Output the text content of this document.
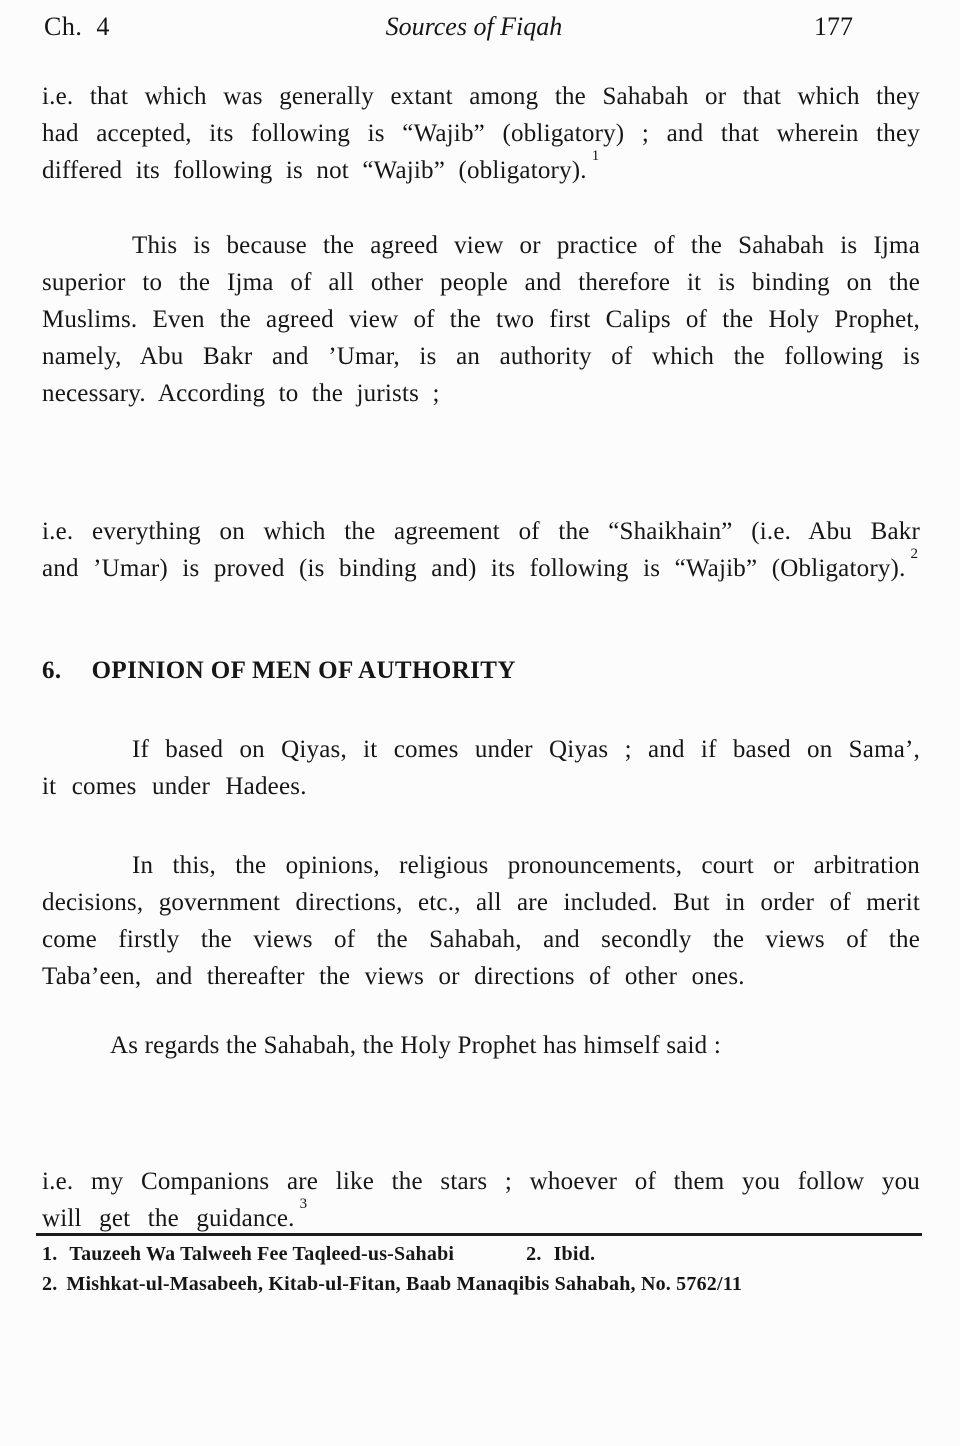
Ch.  4	Sources of Fiqah	177

i.e. that which was generally extant among the Sahabah or that which they had accepted, its following is “Wajib” (obligatory) ; and that wherein they differed its following is not “Wajib” (obligatory).$^1$

This is because the agreed view or practice of the Sahabah is Ijma superior to the Ijma of all other people and therefore it is binding on the Muslims. Even the agreed view of the two first Calips of the Holy Prophet, namely, Abu Bakr and ’Umar, is an authority of which the following is necessary. According to the jurists ;

i.e. everything on which the agreement of the “Shaikhain” (i.e. Abu Bakr and ’Umar) is proved (is binding and) its following is “Wajib” (Obligatory).$^2$

6. OPINION OF MEN OF AUTHORITY

If based on Qiyas, it comes under Qiyas ; and if based on Sama’, it comes under Hadees.

In this, the opinions, religious pronouncements, court or arbitration decisions, government directions, etc., all are included. But in order of merit come firstly the views of the Sahabah, and secondly the views of the Taba’een, and thereafter the views or directions of other ones.

As regards the Sahabah, the Holy Prophet has himself said :

i.e. my Companions are like the stars ; whoever of them you follow you will get the guidance.$^3$

1. Tauzeeh Wa Talweeh Fee Taqleed-us-Sahabi	2. Ibid.
2. Mishkat-ul-Masabeeh, Kitab-ul-Fitan, Baab Manaqibis Sahabah, No. 5762/11
